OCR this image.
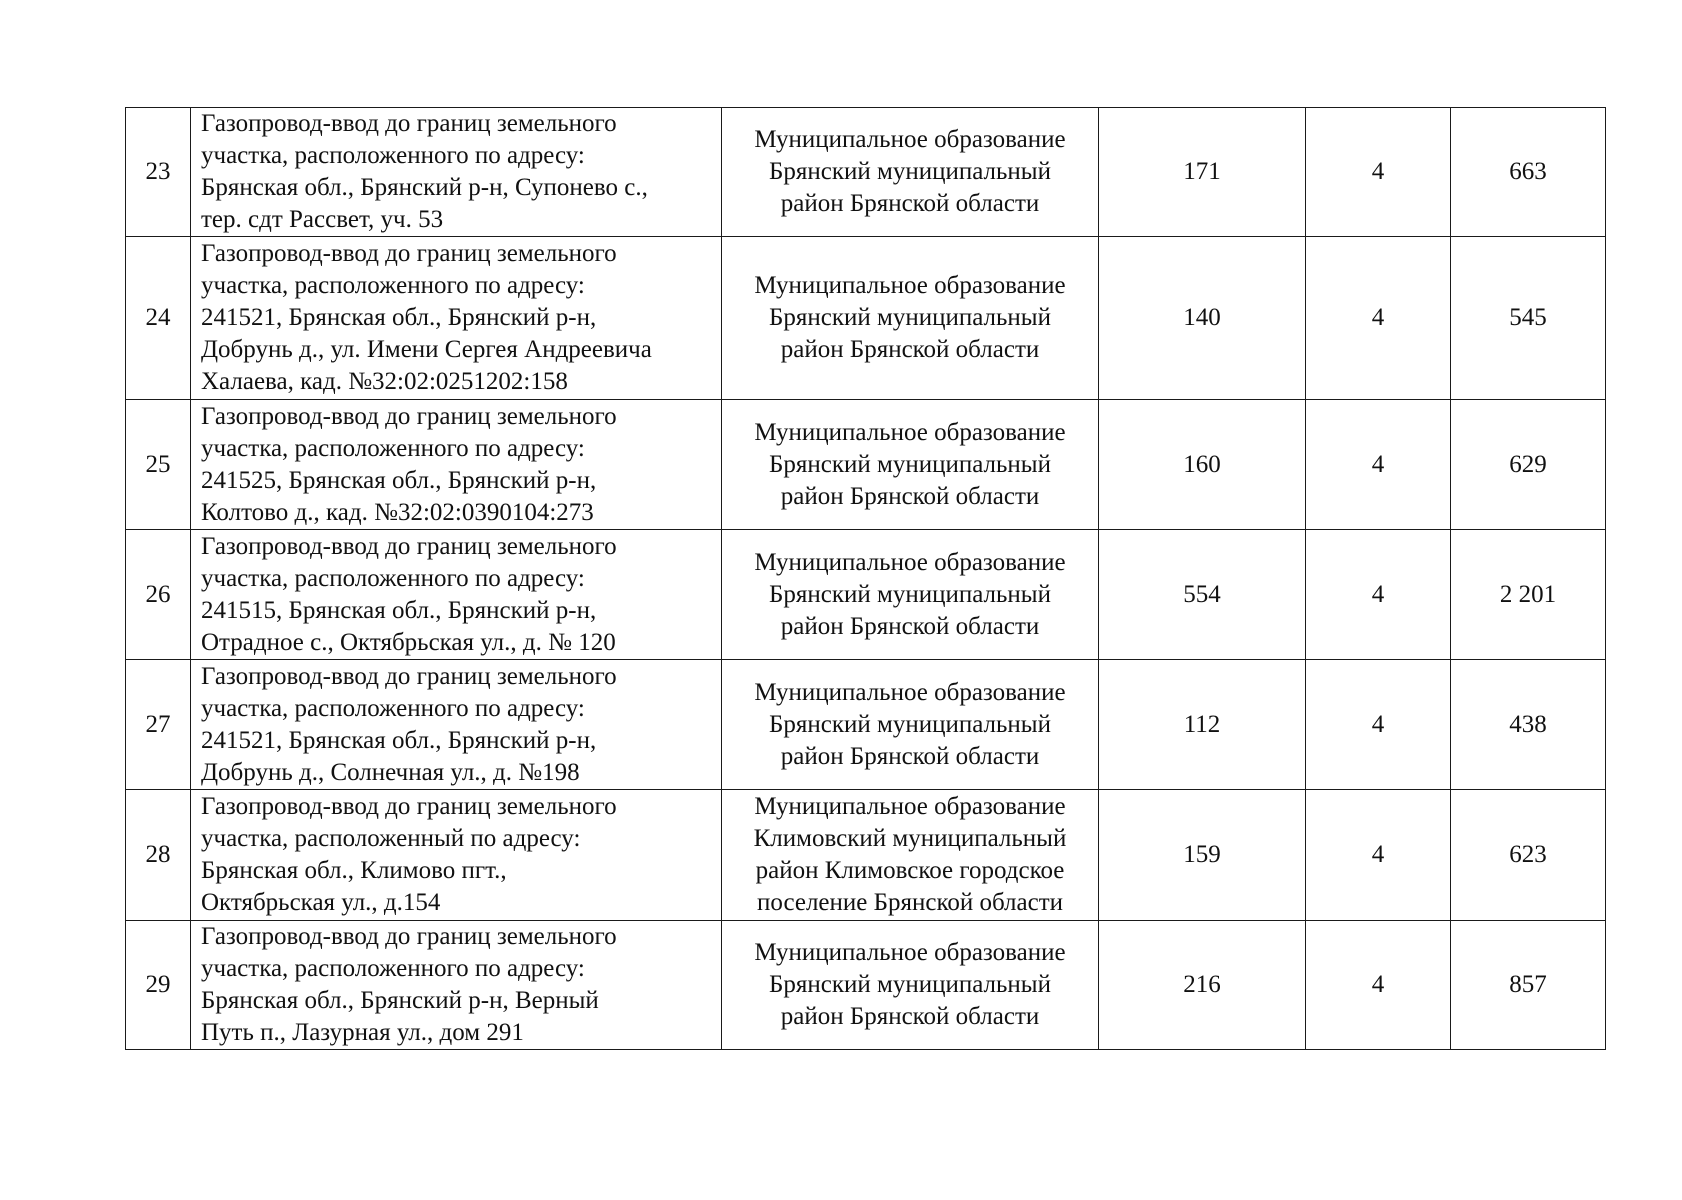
23	Газопровод-ввод до границ земельного
участка, расположенного по адресу:
Брянская обл., Брянский р-н, Супонево с.,
тер. сдт Рассвет, уч. 53	Муниципальное образование
Брянский муниципальный
район Брянской области	171	4	663
24	Газопровод-ввод до границ земельного
участка, расположенного по адресу:
241521, Брянская обл., Брянский р-н,
Добрунь д., ул. Имени Сергея Андреевича
Халаева, кад. №32:02:0251202:158	Муниципальное образование
Брянский муниципальный
район Брянской области	140	4	545
25	Газопровод-ввод до границ земельного
участка, расположенного по адресу:
241525, Брянская обл., Брянский р-н,
Колтово д., кад. №32:02:0390104:273	Муниципальное образование
Брянский муниципальный
район Брянской области	160	4	629
26	Газопровод-ввод до границ земельного
участка, расположенного по адресу:
241515, Брянская обл., Брянский р-н,
Отрадное с., Октябрьская ул., д. № 120	Муниципальное образование
Брянский муниципальный
район Брянской области	554	4	2 201
27	Газопровод-ввод до границ земельного
участка, расположенного по адресу:
241521, Брянская обл., Брянский р-н,
Добрунь д., Солнечная ул., д. №198	Муниципальное образование
Брянский муниципальный
район Брянской области	112	4	438
28	Газопровод-ввод до границ земельного
участка, расположенный по адресу:
Брянская обл., Климово пгт.,
Октябрьская ул., д.154	Муниципальное образование
Климовский муниципальный
район Климовское городское
поселение Брянской области	159	4	623
29	Газопровод-ввод до границ земельного
участка, расположенного по адресу:
Брянская обл., Брянский р-н, Верный
Путь п., Лазурная ул., дом 291	Муниципальное образование
Брянский муниципальный
район Брянской области	216	4	857
